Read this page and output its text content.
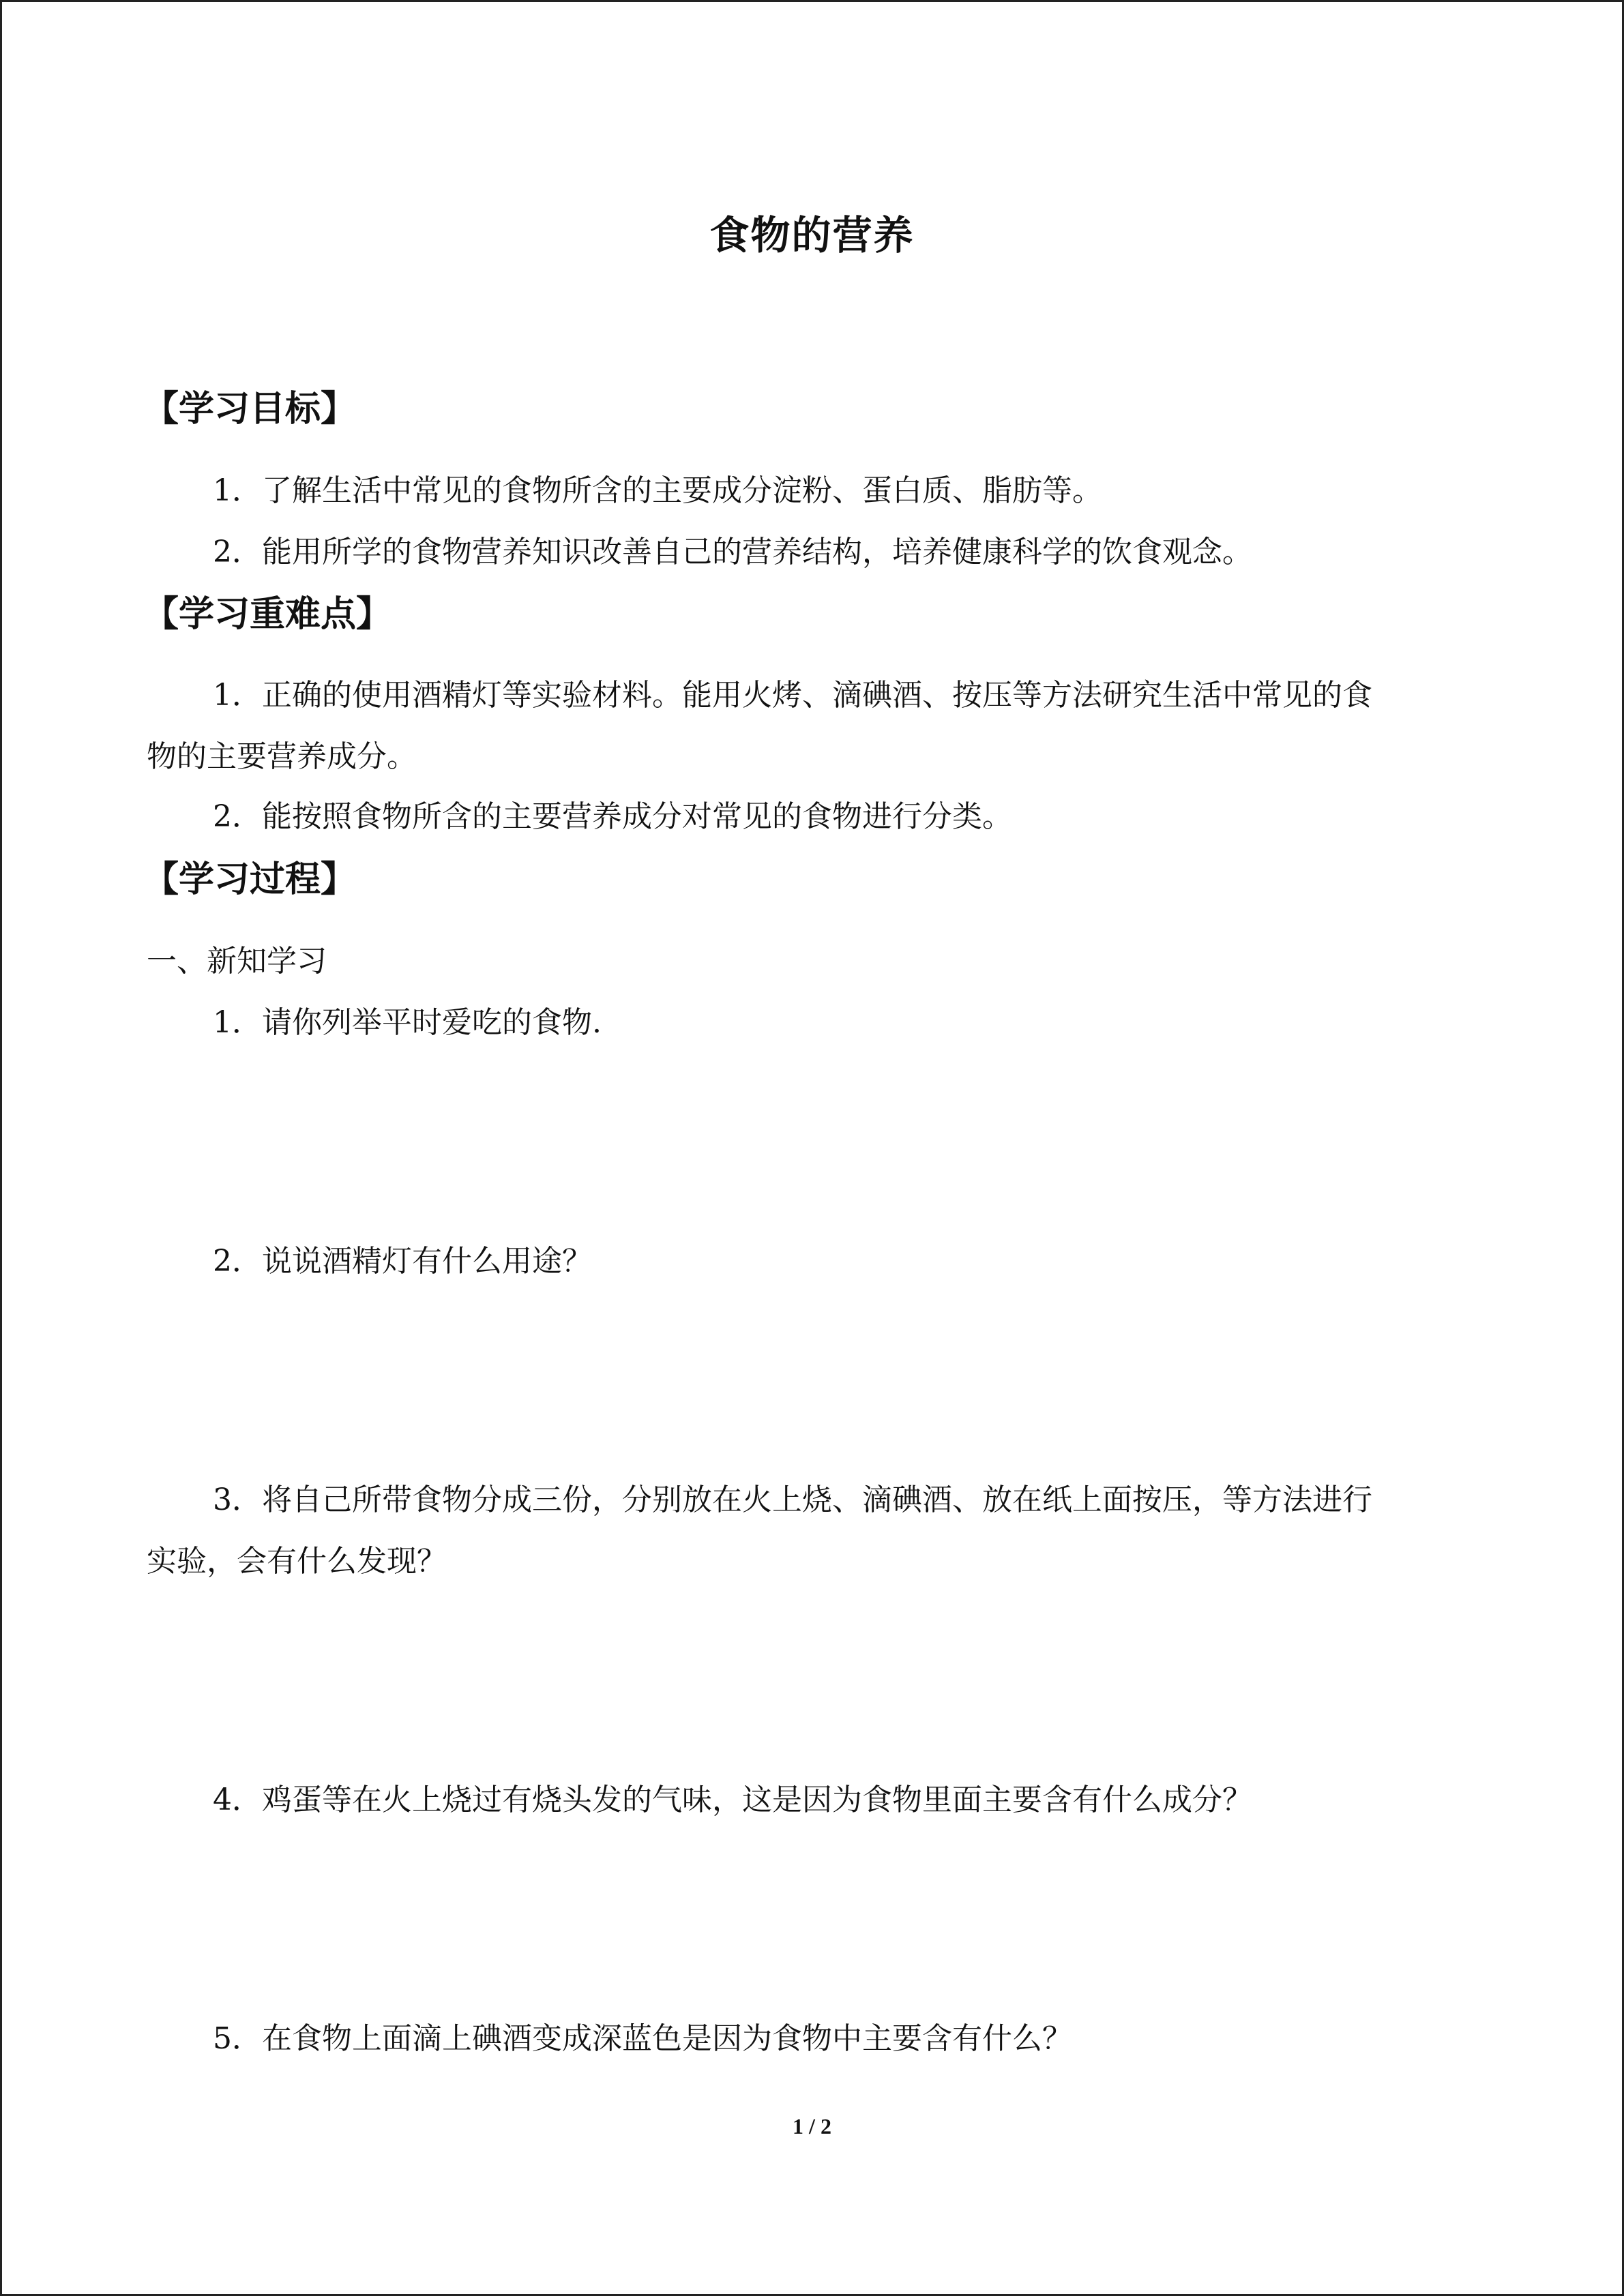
食物的营养
【学习目标】
1．了解生活中常见的食物所含的主要成分淀粉、蛋白质、脂肪等。
2．能用所学的食物营养知识改善自己的营养结构，培养健康科学的饮食观念。
【学习重难点】
1．正确的使用酒精灯等实验材料。能用火烤、滴碘酒、按压等方法研究生活中常见的食
物的主要营养成分。
2．能按照食物所含的主要营养成分对常见的食物进行分类。
【学习过程】
一、新知学习
1．请你列举平时爱吃的食物.
2．说说酒精灯有什么用途？
3．将自己所带食物分成三份，分别放在火上烧、滴碘酒、放在纸上面按压，等方法进行
实验，会有什么发现？
4．鸡蛋等在火上烧过有烧头发的气味，这是因为食物里面主要含有什么成分？
5．在食物上面滴上碘酒变成深蓝色是因为食物中主要含有什么？
1 / 2
